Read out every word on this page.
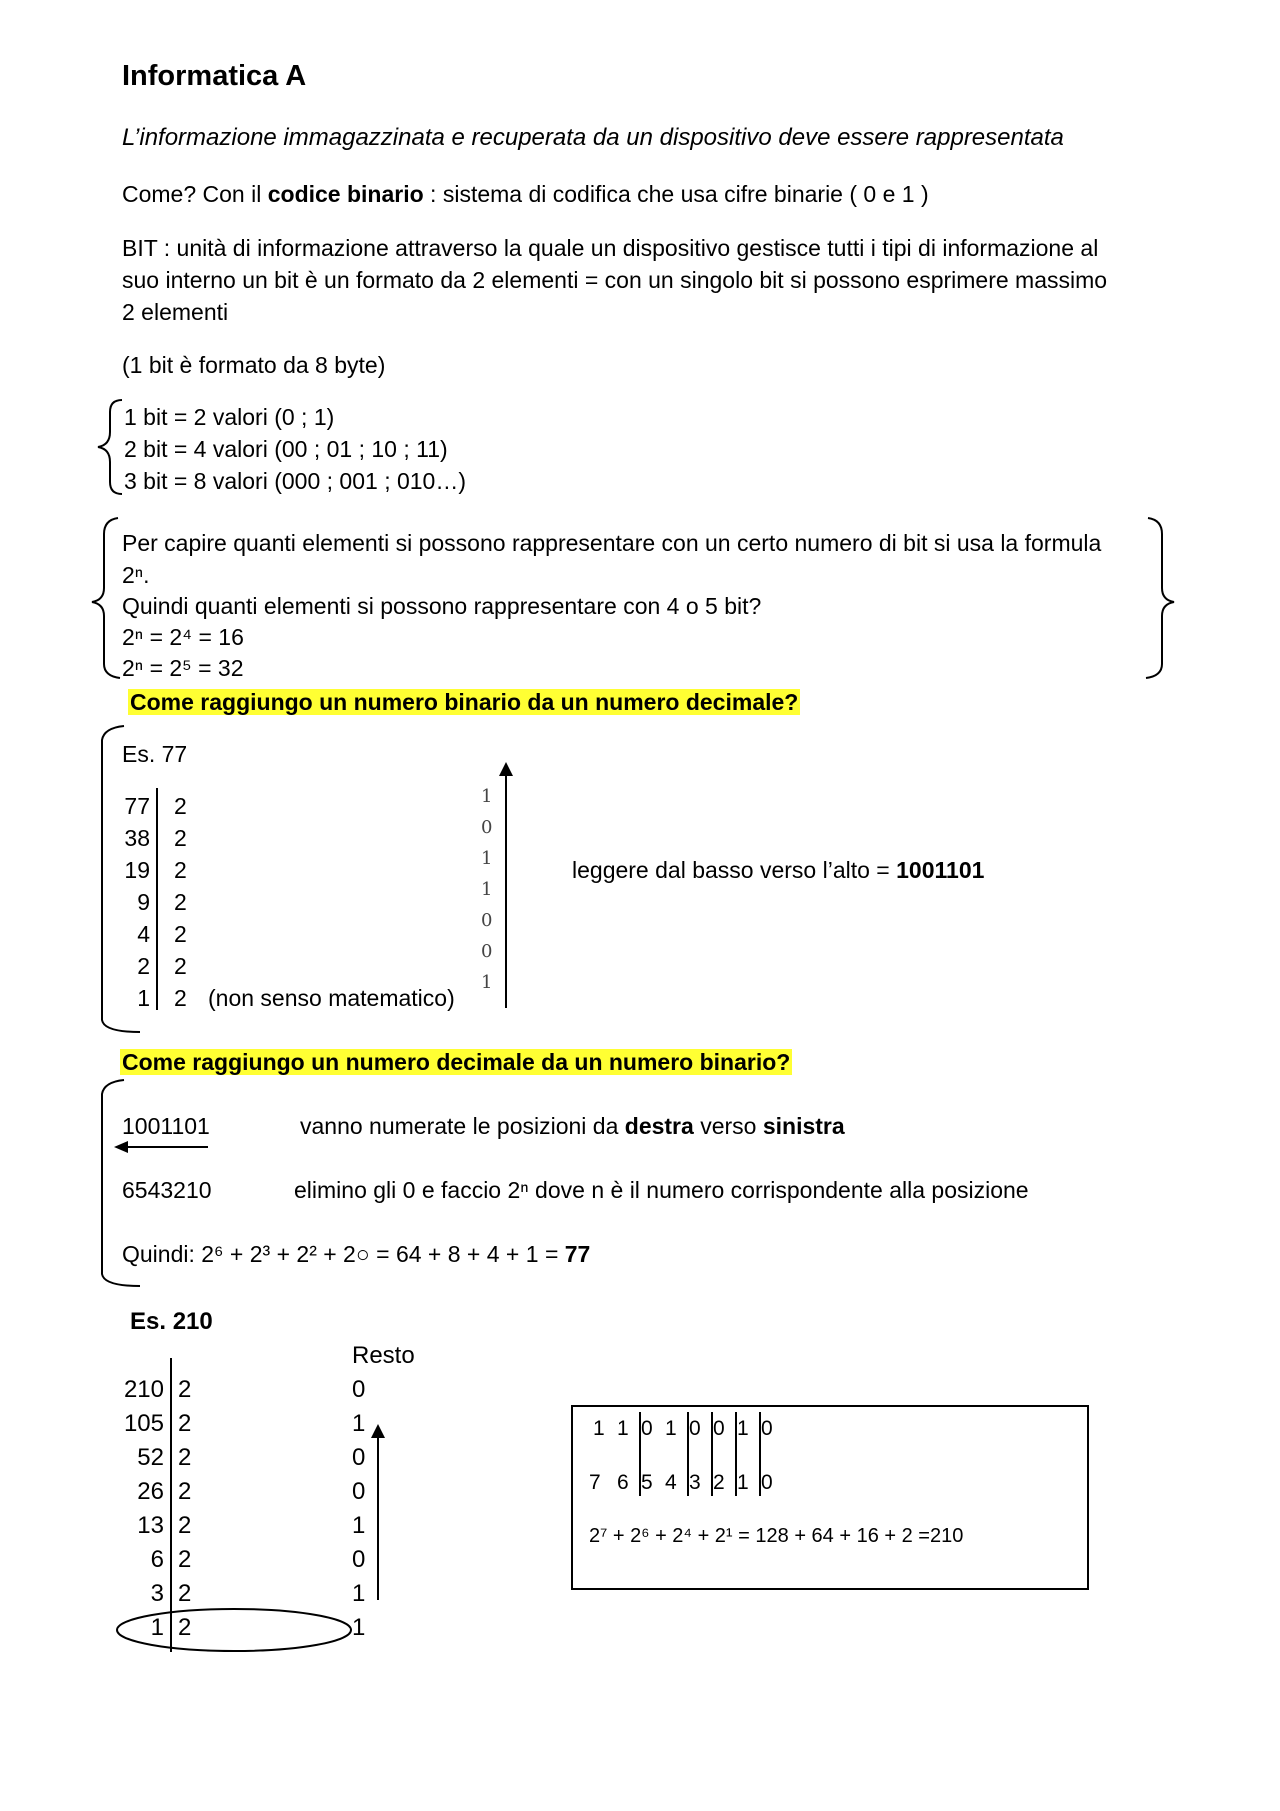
Informatica A
L’informazione immagazzinata e recuperata da un dispositivo deve essere rappresentata
Come? Con il codice binario : sistema di codifica che usa cifre binarie ( 0 e 1 )
BIT : unità di informazione attraverso la quale un dispositivo gestisce tutti i tipi di informazione al
suo interno un bit è un formato da 2 elementi = con un singolo bit si possono esprimere massimo
2 elementi
(1 bit è formato da 8 byte)
1 bit = 2 valori (0 ; 1)
2 bit = 4 valori (00 ; 01 ; 10 ; 11)
3 bit = 8 valori (000 ; 001 ; 010…)
Per capire quanti elementi si possono rappresentare con un certo numero di bit si usa la formula
2ⁿ.
Quindi quanti elementi si possono rappresentare con 4 o 5 bit?
2ⁿ = 2⁴ = 16
2ⁿ = 2⁵ = 32
Come raggiungo un numero binario da un numero decimale?
Es. 77
77
38
19
9
4
2
1
2
2
2
2
2
2
2 (non senso matematico)
1
0
1
1
0
0
1
leggere dal basso verso l’alto = 1001101
Come raggiungo un numero decimale da un numero binario?
1001101	vanno numerate le posizioni da destra verso sinistra
6543210	elimino gli 0 e faccio 2ⁿ dove n è il numero corrispondente alla posizione
Quindi: 2⁶ + 2³ + 2² + 2○ = 64 + 8 + 4 + 1 = 77
Es. 210
Resto
210
105
52
26
13
6
3
1
2
2
2
2
2
2
2
2
0
1
0
0
1
0
1
1
1 1 0 1 0 0 1 0
7 6 5 4 3 2 1 0
2⁷ + 2⁶ + 2⁴ + 2¹ = 128 + 64 + 16 + 2 =210
